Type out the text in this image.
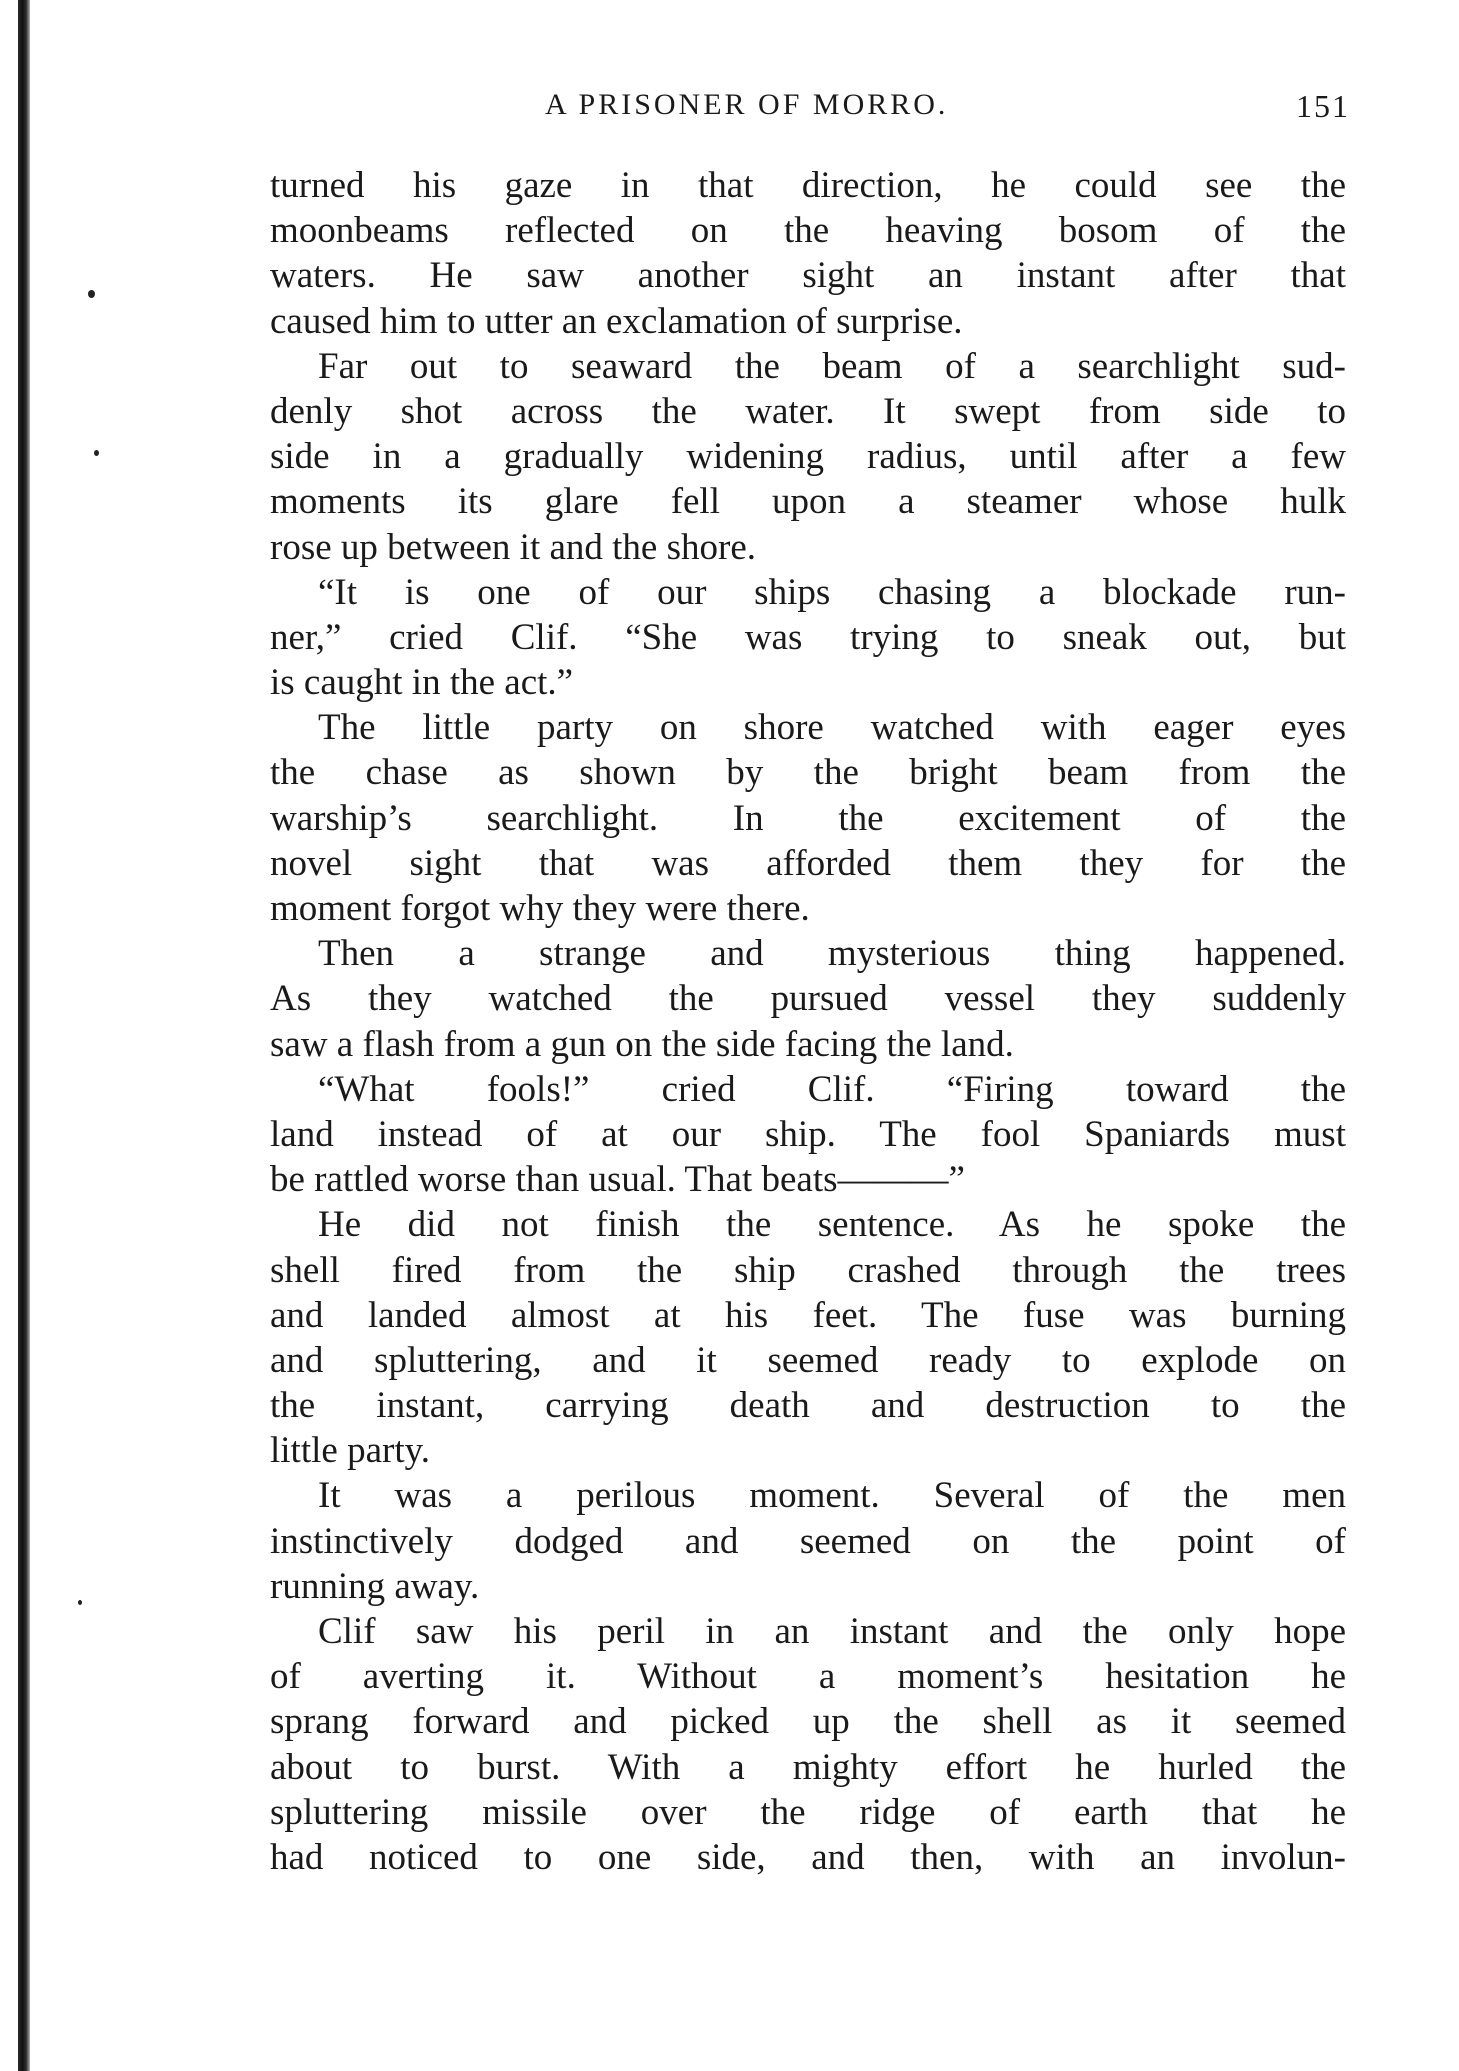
A PRISONER OF MORRO.	151
turned his gaze in that direction, he could see the
moonbeams reflected on the heaving bosom of the
waters. He saw another sight an instant after that
caused him to utter an exclamation of surprise.
Far out to seaward the beam of a searchlight sud-
denly shot across the water. It swept from side to
side in a gradually widening radius, until after a few
moments its glare fell upon a steamer whose hulk
rose up between it and the shore.
“It is one of our ships chasing a blockade run-
ner,” cried Clif. “She was trying to sneak out, but
is caught in the act.”
The little party on shore watched with eager eyes
the chase as shown by the bright beam from the
warship’s searchlight. In the excitement of the
novel sight that was afforded them they for the
moment forgot why they were there.
Then a strange and mysterious thing happened.
As they watched the pursued vessel they suddenly
saw a flash from a gun on the side facing the land.
“What fools!” cried Clif. “Firing toward the
land instead of at our ship. The fool Spaniards must
be rattled worse than usual. That beats———”
He did not finish the sentence. As he spoke the
shell fired from the ship crashed through the trees
and landed almost at his feet. The fuse was burning
and spluttering, and it seemed ready to explode on
the instant, carrying death and destruction to the
little party.
It was a perilous moment. Several of the men
instinctively dodged and seemed on the point of
running away.
Clif saw his peril in an instant and the only hope
of averting it. Without a moment’s hesitation he
sprang forward and picked up the shell as it seemed
about to burst. With a mighty effort he hurled the
spluttering missile over the ridge of earth that he
had noticed to one side, and then, with an involun-
